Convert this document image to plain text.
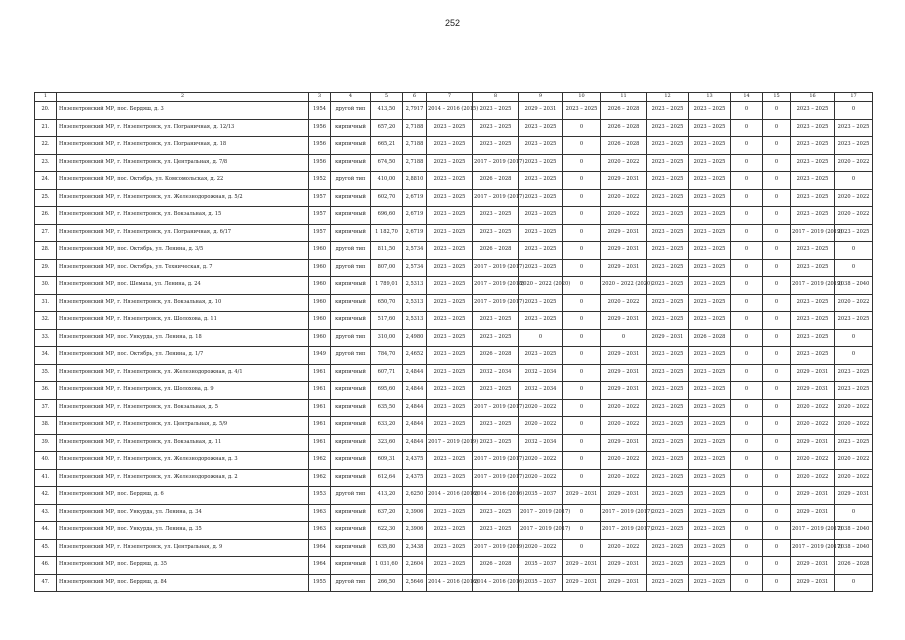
252
1	2	3	4	5	6	7	8	9	10	11	12	13	14	15	16	17
20.	Нязепетровский МР, пос. Бердяш, д. 3	1954	другой тип	413,50	2,7917	2014 – 2016 (2015)	2023 – 2025	2029 – 2031	2023 – 2025	2026 – 2028	2023 – 2025	2023 – 2025	0	0	2023 – 2025	0
21.	Нязепетровский МР, г. Нязепетровск, ул. Пограничная, д. 12/13	1956	кирпичный	657,20	2,7188	2023 – 2025	2023 – 2025	2023 – 2025	0	2026 – 2028	2023 – 2025	2023 – 2025	0	0	2023 – 2025	2023 – 2025
22.	Нязепетровский МР, г. Нязепетровск, ул. Пограничная, д. 18	1956	кирпичный	665,21	2,7188	2023 – 2025	2023 – 2025	2023 – 2025	0	2026 – 2028	2023 – 2025	2023 – 2025	0	0	2023 – 2025	2023 – 2025
23.	Нязепетровский МР, г. Нязепетровск, ул. Центральная, д. 7/8	1956	кирпичный	674,50	2,7188	2023 – 2025	2017 – 2019 (2017)	2023 – 2025	0	2020 – 2022	2023 – 2025	2023 – 2025	0	0	2023 – 2025	2020 – 2022
24.	Нязепетровский МР, пос. Октябрь, ул. Комсомольская, д. 22	1952	другой тип	410,00	2,8810	2023 – 2025	2026 – 2028	2023 – 2025	0	2029 – 2031	2023 – 2025	2023 – 2025	0	0	2023 – 2025	0
25.	Нязепетровский МР, г. Нязепетровск, ул. Железнодорожная, д. 5/2	1957	кирпичный	602,70	2,6719	2023 – 2025	2017 – 2019 (2017)	2023 – 2025	0	2020 – 2022	2023 – 2025	2023 – 2025	0	0	2023 – 2025	2020 – 2022
26.	Нязепетровский МР, г. Нязепетровск, ул. Вокзальная, д. 15	1957	кирпичный	696,60	2,6719	2023 – 2025	2023 – 2025	2023 – 2025	0	2020 – 2022	2023 – 2025	2023 – 2025	0	0	2023 – 2025	2020 – 2022
27.	Нязепетровский МР, г. Нязепетровск, ул. Пограничная, д. 6/17	1957	кирпичный	1 182,70	2,6719	2023 – 2025	2023 – 2025	2023 – 2025	0	2029 – 2031	2023 – 2025	2023 – 2025	0	0	2017 – 2019 (2019)	2023 – 2025
28.	Нязепетровский МР, пос. Октябрь, ул. Ленина, д. 3/5	1960	другой тип	811,50	2,5734	2023 – 2025	2026 – 2028	2023 – 2025	0	2029 – 2031	2023 – 2025	2023 – 2025	0	0	2023 – 2025	0
29.	Нязепетровский МР, пос. Октябрь, ул. Техническая, д. 7	1960	другой тип	807,00	2,5734	2023 – 2025	2017 – 2019 (2017)	2023 – 2025	0	2029 – 2031	2023 – 2025	2023 – 2025	0	0	2023 – 2025	0
30.	Нязепетровский МР, пос. Шемаха, ул. Ленина, д. 24	1960	кирпичный	1 789,01	2,5313	2023 – 2025	2017 – 2019 (2018)	2020 – 2022 (2020)	0	2020 – 2022 (2020)	2023 – 2025	2023 – 2025	0	0	2017 – 2019 (2019)	2038 – 2040
31.	Нязепетровский МР, г. Нязепетровск, ул. Вокзальная, д. 10	1960	кирпичный	650,70	2,5313	2023 – 2025	2017 – 2019 (2017)	2023 – 2025	0	2020 – 2022	2023 – 2025	2023 – 2025	0	0	2023 – 2025	2020 – 2022
32.	Нязепетровский МР, г. Нязепетровск, ул. Шолохова, д. 11	1960	кирпичный	517,60	2,5313	2023 – 2025	2023 – 2025	2023 – 2025	0	2029 – 2031	2023 – 2025	2023 – 2025	0	0	2023 – 2025	2023 – 2025
33.	Нязепетровский МР, пос. Ункурда, ул. Ленина, д. 18	1960	другой тип	310,00	2,4980	2023 – 2025	2023 – 2025	0	0	0	2029 – 2031	2026 – 2028	0	0	2023 – 2025	0
34.	Нязепетровский МР, пос. Октябрь, ул. Ленина, д. 1/7	1949	другой тип	784,70	2,4652	2023 – 2025	2026 – 2028	2023 – 2025	0	2029 – 2031	2023 – 2025	2023 – 2025	0	0	2023 – 2025	0
35.	Нязепетровский МР, г. Нязепетровск, ул. Железнодорожная, д. 4/1	1961	кирпичный	607,71	2,4844	2023 – 2025	2032 – 2034	2032 – 2034	0	2029 – 2031	2023 – 2025	2023 – 2025	0	0	2029 – 2031	2023 – 2025
36.	Нязепетровский МР, г. Нязепетровск, ул. Шолохова, д. 9	1961	кирпичный	695,60	2,4844	2023 – 2025	2023 – 2025	2032 – 2034	0	2029 – 2031	2023 – 2025	2023 – 2025	0	0	2029 – 2031	2023 – 2025
37.	Нязепетровский МР, г. Нязепетровск, ул. Вокзальная, д. 5	1961	кирпичный	635,50	2,4844	2023 – 2025	2017 – 2019 (2017)	2020 – 2022	0	2020 – 2022	2023 – 2025	2023 – 2025	0	0	2020 – 2022	2020 – 2022
38.	Нязепетровский МР, г. Нязепетровск, ул. Центральная, д. 5/9	1961	кирпичный	633,20	2,4844	2023 – 2025	2023 – 2025	2020 – 2022	0	2020 – 2022	2023 – 2025	2023 – 2025	0	0	2020 – 2022	2020 – 2022
39.	Нязепетровский МР, г. Нязепетровск, ул. Вокзальная, д. 11	1961	кирпичный	323,60	2,4844	2017 – 2019 (2019)	2023 – 2025	2032 – 2034	0	2029 – 2031	2023 – 2025	2023 – 2025	0	0	2029 – 2031	2023 – 2025
40.	Нязепетровский МР, г. Нязепетровск, ул. Железнодорожная, д. 3	1962	кирпичный	609,31	2,4375	2023 – 2025	2017 – 2019 (2017)	2020 – 2022	0	2020 – 2022	2023 – 2025	2023 – 2025	0	0	2020 – 2022	2020 – 2022
41.	Нязепетровский МР, г. Нязепетровск, ул. Железнодорожная, д. 2	1962	кирпичный	612,64	2,4375	2023 – 2025	2017 – 2019 (2017)	2020 – 2022	0	2020 – 2022	2023 – 2025	2023 – 2025	0	0	2020 – 2022	2020 – 2022
42.	Нязепетровский МР, пос. Бердяш, д. 6	1953	другой тип	413,20	2,6250	2014 – 2016 (2016)	2014 – 2016 (2016)	2035 – 2037	2029 – 2031	2029 – 2031	2023 – 2025	2023 – 2025	0	0	2029 – 2031	2029 – 2031
43.	Нязепетровский МР, пос. Ункурда, ул. Ленина, д. 34	1963	кирпичный	637,20	2,3906	2023 – 2025	2023 – 2025	2017 – 2019 (2017)	0	2017 – 2019 (2017)	2023 – 2025	2023 – 2025	0	0	2029 – 2031	0
44.	Нязепетровский МР, пос. Ункурда, ул. Ленина, д. 35	1963	кирпичный	622,30	2,3906	2023 – 2025	2023 – 2025	2017 – 2019 (2017)	0	2017 – 2019 (2017)	2023 – 2025	2023 – 2025	0	0	2017 – 2019 (2017)	2038 – 2040
45.	Нязепетровский МР, г. Нязепетровск, ул. Центральная, д. 9	1964	кирпичный	635,80	2,3438	2023 – 2025	2017 – 2019 (2019)	2020 – 2022	0	2020 – 2022	2023 – 2025	2023 – 2025	0	0	2017 – 2019 (2017)	2038 – 2040
46.	Нязепетровский МР, пос. Бердяш, д. 35	1964	кирпичный	1 031,60	2,2604	2023 – 2025	2026 – 2028	2035 – 2037	2029 – 2031	2029 – 2031	2023 – 2025	2023 – 2025	0	0	2029 – 2031	2026 – 2028
47.	Нязепетровский МР, пос. Бердяш, д. 84	1955	другой тип	266,50	2,5646	2014 – 2016 (2016)	2014 – 2016 (2016)	2035 – 2037	2029 – 2031	2029 – 2031	2023 – 2025	2023 – 2025	0	0	2029 – 2031	0
